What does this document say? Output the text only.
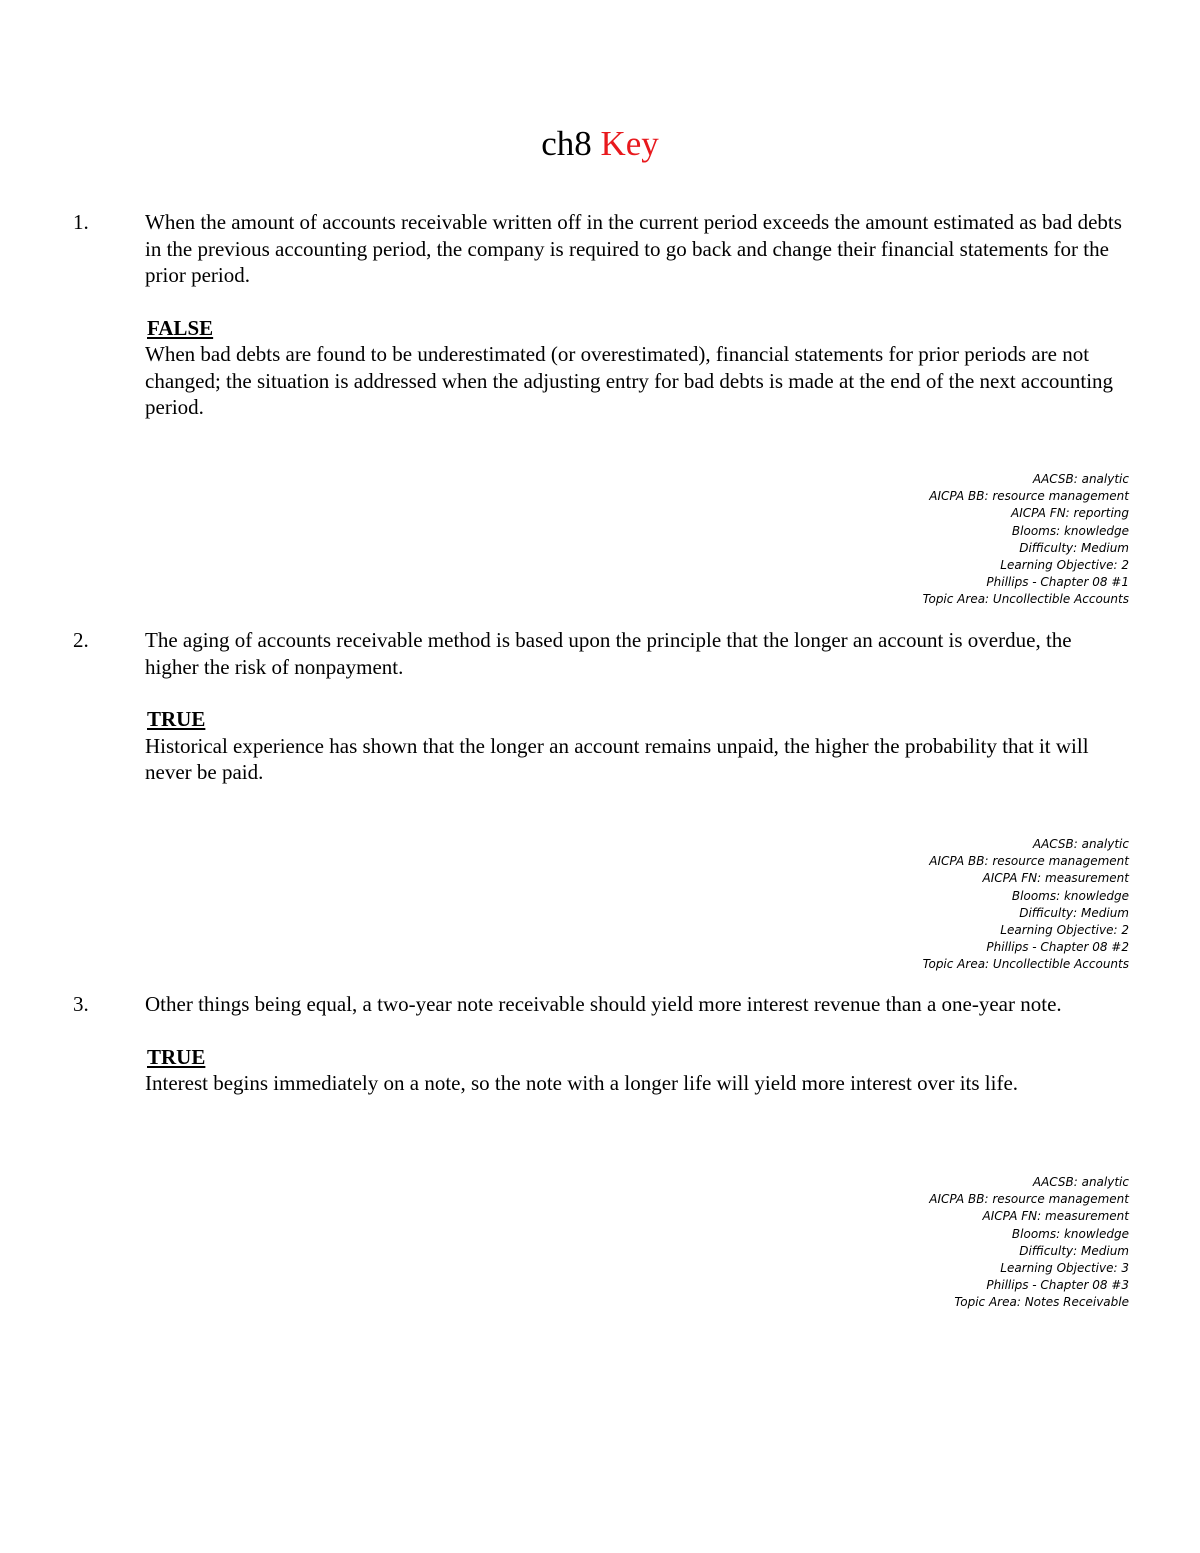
ch8 Key
1.	When the amount of accounts receivable written off in the current period exceeds the amount estimated as bad debts in the previous accounting period, the company is required to go back and change their financial statements for the prior period.

FALSE

When bad debts are found to be underestimated (or overestimated), financial statements for prior periods are not changed; the situation is addressed when the adjusting entry for bad debts is made at the end of the next accounting period.

AACSB: analytic
AICPA BB: resource management
AICPA FN: reporting
Blooms: knowledge
Difficulty: Medium
Learning Objective: 2
Phillips - Chapter 08 #1
Topic Area: Uncollectible Accounts
2.	The aging of accounts receivable method is based upon the principle that the longer an account is overdue, the higher the risk of nonpayment.

TRUE

Historical experience has shown that the longer an account remains unpaid, the higher the probability that it will never be paid.

AACSB: analytic
AICPA BB: resource management
AICPA FN: measurement
Blooms: knowledge
Difficulty: Medium
Learning Objective: 2
Phillips - Chapter 08 #2
Topic Area: Uncollectible Accounts
3.	Other things being equal, a two-year note receivable should yield more interest revenue than a one-year note.

TRUE

Interest begins immediately on a note, so the note with a longer life will yield more interest over its life.

AACSB: analytic
AICPA BB: resource management
AICPA FN: measurement
Blooms: knowledge
Difficulty: Medium
Learning Objective: 3
Phillips - Chapter 08 #3
Topic Area: Notes Receivable
